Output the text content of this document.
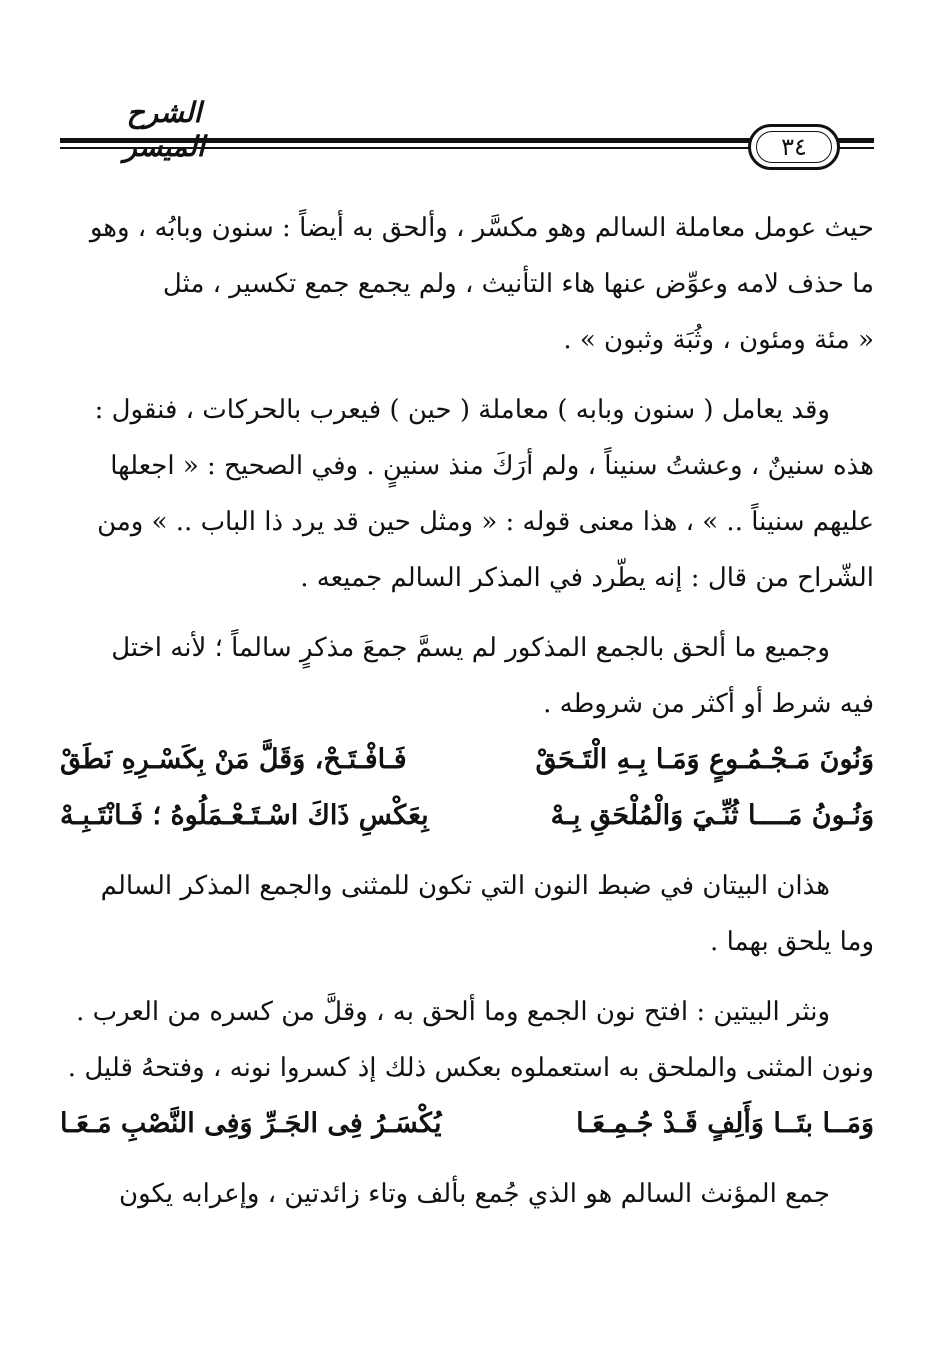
الشرح
٣٤
حيث عومل معاملة السالم وهو مكسَّر ، وألحق به أيضاً : سنون وبابُه ، وهو
ما حذف لامه وعوِّض عنها هاء التأنيث ، ولم يجمع جمع تكسير ، مثل
« مئة ومئون ، وثُبَة وثبون » .
وقد يعامل ( سنون وبابه ) معاملة ( حين ) فيعرب بالحركات ، فنقول :
هذه سنينٌ ، وعشتُ سنيناً ، ولم أرَكَ منذ سنينٍ . وفي الصحيح : « اجعلها
عليهم سنيناً .. » ، هذا معنى قوله : « ومثل حين قد يرد ذا الباب .. » ومن
الشّراح من قال : إنه يطّرد في المذكر السالم جميعه .
وجميع ما ألحق بالجمع المذكور لم يسمَّ جمعَ مذكرٍ سالماً ؛ لأنه اختل
فيه شرط أو أكثر من شروطه .
وَنُونَ مَـجْـمُـوعٍ وَمَـا بِـهِ الْتَـحَقْ
فَـافْـتَـحْ، وَقَلَّ مَنْ بِكَسْـرِهِ نَطَقْ
وَنُـونُ مَــــا ثُنِّـيَ وَالْمُلْحَقِ بِـهْ
بِعَكْسِ ذَاكَ اسْـتَـعْـمَلُوهُ ؛ فَـانْتَـبِـهْ
هذان البيتان في ضبط النون التي تكون للمثنى والجمع المذكر السالم
وما يلحق بهما .
ونثر البيتين : افتح نون الجمع وما ألحق به ، وقلَّ من كسره من العرب .
ونون المثنى والملحق به استعملوه بعكس ذلك إذ كسروا نونه ، وفتحهُ قليل .
وَمَــا بتَــا وَأَلِفٍ قَـدْ جُـمِـعَـا
يُكْسَـرُ فِى الجَـرِّ وَفِى النَّصْبِ مَـعَـا
جمع المؤنث السالم هو الذي جُمع بألف وتاء زائدتين ، وإعرابه يكون
